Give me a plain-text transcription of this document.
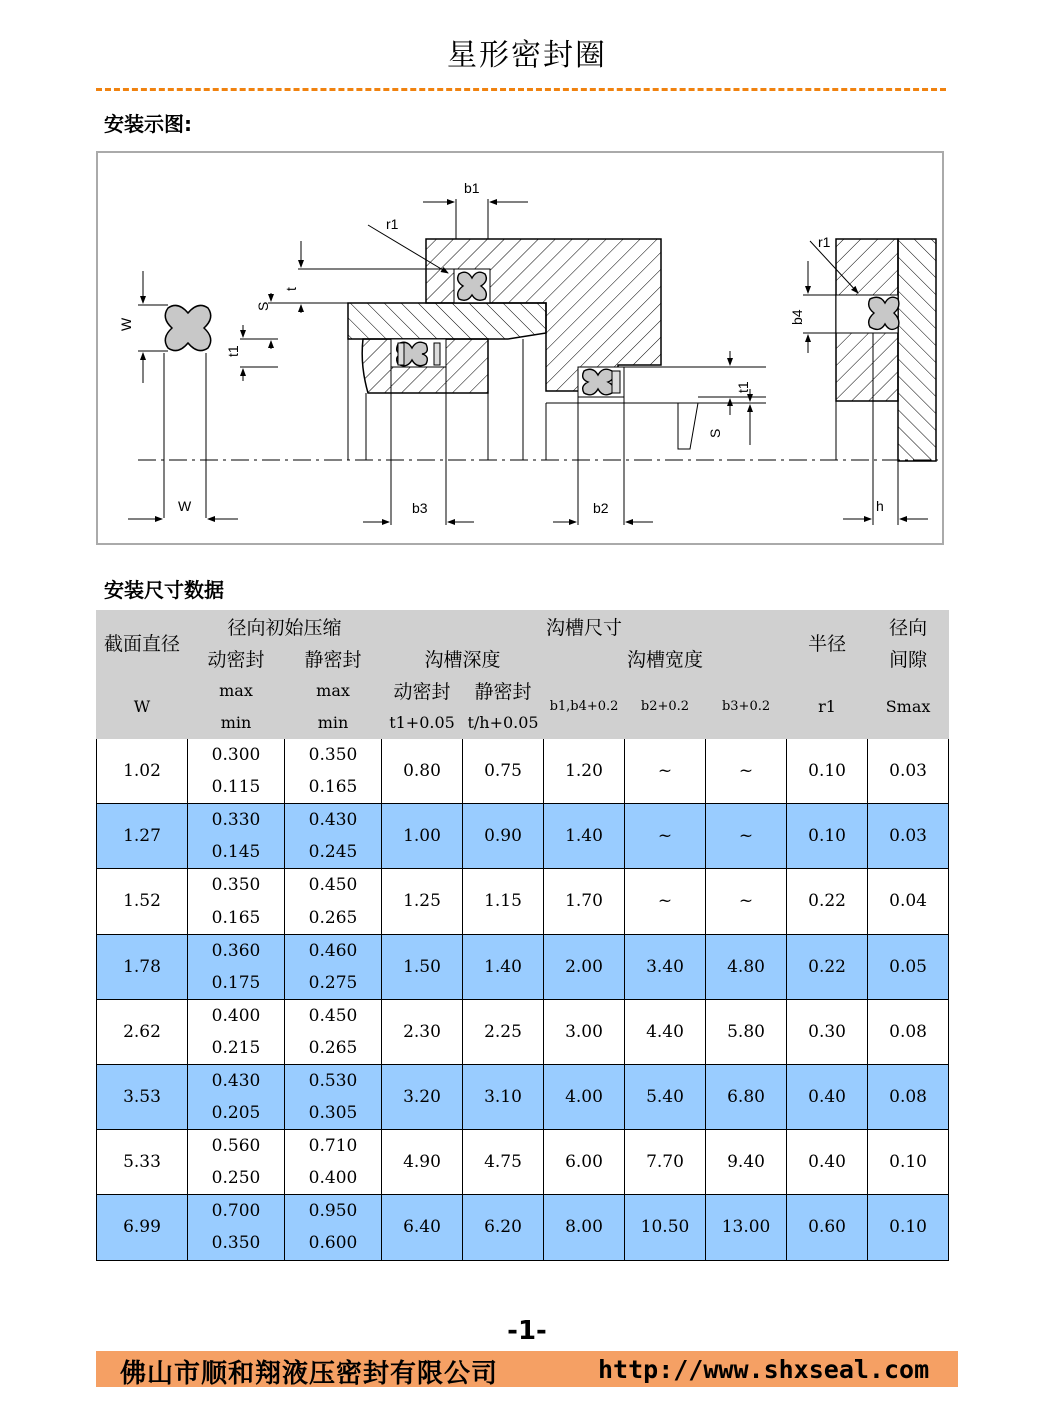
星形密封圈
安装示图:
W
W
t1
S
t
r1
b1
b3	b2
t1
S
r1
b4
h
安装尺寸数据
截面直径	径向初始压缩		沟槽尺寸					半径	径向
	动密封	静密封	沟槽深度		沟槽宽度				间隙
W	max	max	动密封	静密封	b1,b4+0.2	b2+0.2	b3+0.2	r1	Smax
	min	min	t1+0.05	t/h+0.05					
1.02	0.300	0.350	0.80	0.75	1.20	~	~	0.10	0.03
	0.115	0.165							
1.27	0.330	0.430	1.00	0.90	1.40	~	~	0.10	0.03
	0.145	0.245							
1.52	0.350	0.450	1.25	1.15	1.70	~	~	0.22	0.04
	0.165	0.265							
1.78	0.360	0.460	1.50	1.40	2.00	3.40	4.80	0.22	0.05
	0.175	0.275							
2.62	0.400	0.450	2.30	2.25	3.00	4.40	5.80	0.30	0.08
	0.215	0.265							
3.53	0.430	0.530	3.20	3.10	4.00	5.40	6.80	0.40	0.08
	0.205	0.305							
5.33	0.560	0.710	4.90	4.75	6.00	7.70	9.40	0.40	0.10
	0.250	0.400							
6.99	0.700	0.950	6.40	6.20	8.00	10.50	13.00	0.60	0.10
	0.350	0.600							
-1-
佛山市顺和翔液压密封有限公司	http://www.shxseal.com
